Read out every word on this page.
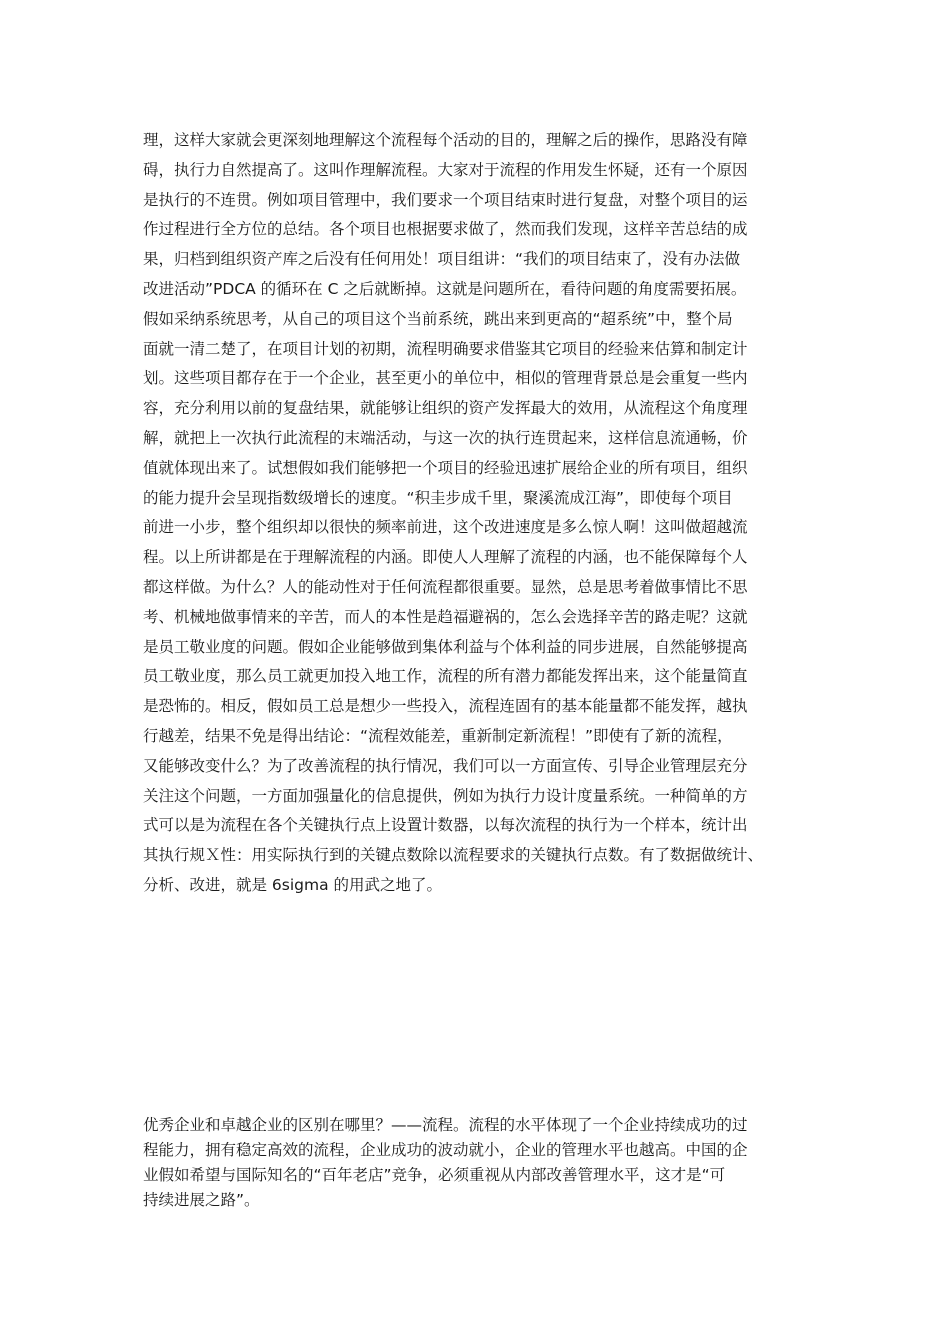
理，这样大家就会更深刻地理解这个流程每个活动的目的，理解之后的操作，思路没有障
碍，执行力自然提高了。这叫作理解流程。大家对于流程的作用发生怀疑，还有一个原因
是执行的不连贯。例如项目管理中，我们要求一个项目结束时进行复盘，对整个项目的运
作过程进行全方位的总结。各个项目也根据要求做了，然而我们发现，这样辛苦总结的成
果，归档到组织资产库之后没有任何用处！项目组讲：“我们的项目结束了，没有办法做
改进活动”PDCA 的循环在 C 之后就断掉。这就是问题所在，看待问题的角度需要拓展。
假如采纳系统思考，从自己的项目这个当前系统，跳出来到更高的“超系统”中，整个局
面就一清二楚了，在项目计划的初期，流程明确要求借鉴其它项目的经验来估算和制定计
划。这些项目都存在于一个企业，甚至更小的单位中，相似的管理背景总是会重复一些内
容，充分利用以前的复盘结果，就能够让组织的资产发挥最大的效用，从流程这个角度理
解，就把上一次执行此流程的末端活动，与这一次的执行连贯起来，这样信息流通畅，价
值就体现出来了。试想假如我们能够把一个项目的经验迅速扩展给企业的所有项目，组织
的能力提升会呈现指数级增长的速度。“积圭步成千里，聚溪流成江海”，即使每个项目
前进一小步，整个组织却以很快的频率前进，这个改进速度是多么惊人啊！这叫做超越流
程。以上所讲都是在于理解流程的内涵。即使人人理解了流程的内涵，也不能保障每个人
都这样做。为什么？人的能动性对于任何流程都很重要。显然，总是思考着做事情比不思
考、机械地做事情来的辛苦，而人的本性是趋福避祸的，怎么会选择辛苦的路走呢？这就
是员工敬业度的问题。假如企业能够做到集体利益与个体利益的同步进展，自然能够提高
员工敬业度，那么员工就更加投入地工作，流程的所有潜力都能发挥出来，这个能量简直
是恐怖的。相反，假如员工总是想少一些投入，流程连固有的基本能量都不能发挥，越执
行越差，结果不免是得出结论：“流程效能差，重新制定新流程！”即使有了新的流程，
又能够改变什么？为了改善流程的执行情况，我们可以一方面宣传、引导企业管理层充分
关注这个问题，一方面加强量化的信息提供，例如为执行力设计度量系统。一种简单的方
式可以是为流程在各个关键执行点上设置计数器，以每次流程的执行为一个样本，统计出
其执行规Ｘ性：用实际执行到的关键点数除以流程要求的关键执行点数。有了数据做统计、
分析、改进，就是 6sigma 的用武之地了。
优秀企业和卓越企业的区别在哪里？——流程。流程的水平体现了一个企业持续成功的过
程能力，拥有稳定高效的流程，企业成功的波动就小，企业的管理水平也越高。中国的企
业假如希望与国际知名的“百年老店”竞争，必须重视从内部改善管理水平，这才是“可
持续进展之路”。
